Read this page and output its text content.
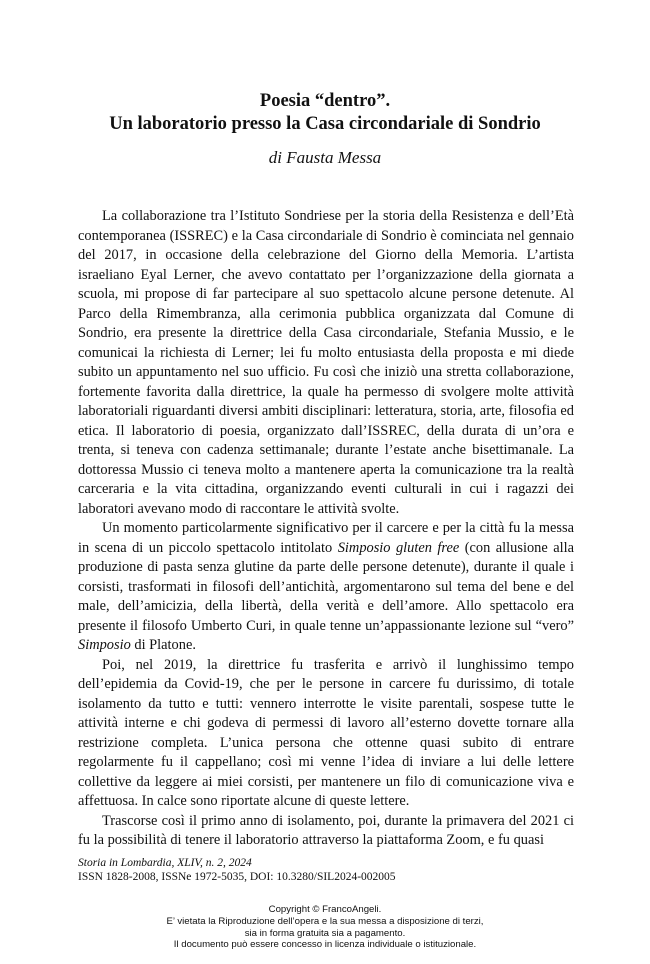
Poesia “dentro”.
Un laboratorio presso la Casa circondariale di Sondrio
di Fausta Messa

La collaborazione tra l’Istituto Sondriese per la storia della Resistenza e dell’Età contemporanea (ISSREC) e la Casa circondariale di Sondrio è cominciata nel gennaio del 2017, in occasione della celebrazione del Giorno della Memoria. L’artista israeliano Eyal Lerner, che avevo contattato per l’organizzazione della giornata a scuola, mi propose di far partecipare al suo spettacolo alcune persone detenute. Al Parco della Rimembranza, alla cerimonia pubblica organizzata dal Comune di Sondrio, era presente la direttrice della Casa circondariale, Stefania Mussio, e le comunicai la richiesta di Lerner; lei fu molto entusiasta della proposta e mi diede subito un appuntamento nel suo ufficio. Fu così che iniziò una stretta collaborazione, fortemente favorita dalla direttrice, la quale ha permesso di svolgere molte attività laboratoriali riguardanti diversi ambiti disciplinari: letteratura, storia, arte, filosofia ed etica. Il laboratorio di poesia, organizzato dall’ISSREC, della durata di un’ora e trenta, si teneva con cadenza settimanale; durante l’estate anche bisettimanale. La dottoressa Mussio ci teneva molto a mantenere aperta la comunicazione tra la realtà carceraria e la vita cittadina, organizzando eventi culturali in cui i ragazzi dei laboratori avevano modo di raccontare le attività svolte.

Un momento particolarmente significativo per il carcere e per la città fu la messa in scena di un piccolo spettacolo intitolato Simposio gluten free (con allusione alla produzione di pasta senza glutine da parte delle persone detenute), durante il quale i corsisti, trasformati in filosofi dell’antichità, argomentarono sul tema del bene e del male, dell’amicizia, della libertà, della verità e dell’amore. Allo spettacolo era presente il filosofo Umberto Curi, in quale tenne un’appassionante lezione sul “vero” Simposio di Platone.

Poi, nel 2019, la direttrice fu trasferita e arrivò il lunghissimo tempo dell’epidemia da Covid-19, che per le persone in carcere fu durissimo, di totale isolamento da tutto e tutti: vennero interrotte le visite parentali, sospese tutte le attività interne e chi godeva di permessi di lavoro all’esterno dovette tornare alla restrizione completa. L’unica persona che ottenne quasi subito di entrare regolarmente fu il cappellano; così mi venne l’idea di inviare a lui delle lettere collettive da leggere ai miei corsisti, per mantenere un filo di comunicazione viva e affettuosa. In calce sono riportate alcune di queste lettere.

Trascorse così il primo anno di isolamento, poi, durante la primavera del 2021 ci fu la possibilità di tenere il laboratorio attraverso la piattaforma Zoom, e fu quasi

Storia in Lombardia, XLIV, n. 2, 2024
ISSN 1828-2008, ISSNe 1972-5035, DOI: 10.3280/SIL2024-002005
Copyright © FrancoAngeli.
E’ vietata la Riproduzione dell’opera e la sua messa a disposizione di terzi,
sia in forma gratuita sia a pagamento.
Il documento può essere concesso in licenza individuale o istituzionale.
